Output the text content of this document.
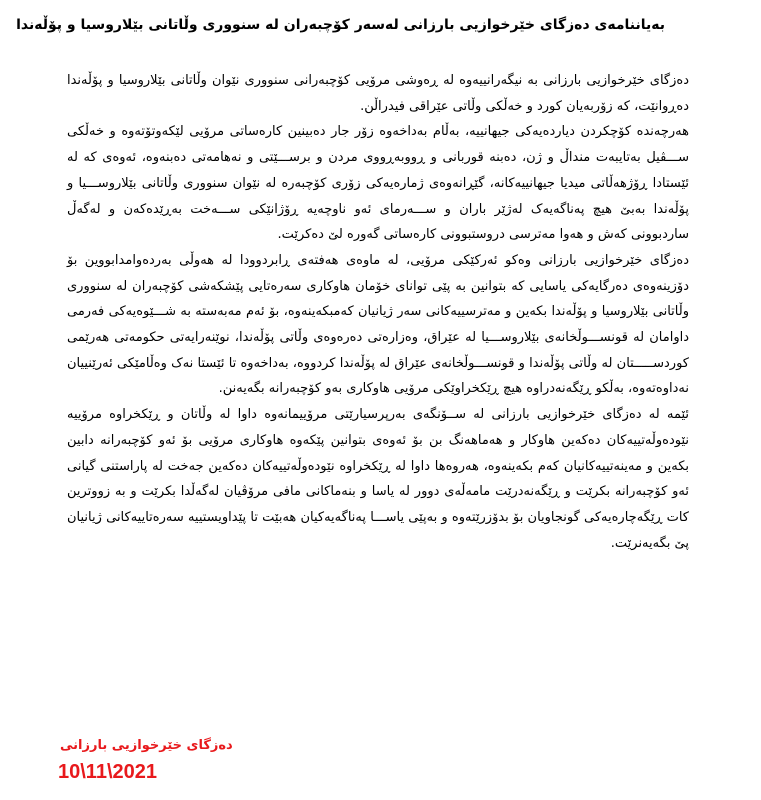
بەیاننامەی دەزگای خێرخوازیی بارزانی لەسەر کۆچبەران لە سنووری وڵاتانی بێلاروسیا و پۆڵەندا

دەزگای خێرخوازیی بارزانی بە نیگەرانییەوە لە ڕەوشی مرۆیی کۆچبەرانی سنووری نێوان وڵاتانی بێلاروسیا و پۆڵەندا دەڕوانێت، کە زۆربەیان کورد و خەڵکی وڵاتی عێراقی فیدراڵن.

هەرچەندە کۆچکردن دیاردەیەکی جیهانییە، بەڵام بەداخەوە زۆر جار دەبینین کارەساتی مرۆیی لێکەوتۆتەوە و خەڵکی ســـڤیل بەتایبەت منداڵ و ژن، دەبنە قوربانی و ڕووبەڕووی مردن و برســـێتی و نەهامەتی دەبنەوە، ئەوەی کە لە ئێستادا ڕۆژهەڵاتی میدیا جیهانییەکانە، گێڕانەوەی ژمارەیەکی زۆری کۆچبەرە لە نێوان سنووری وڵاتانی بێلاروســـیا و پۆڵەندا بەبێ هیچ پەناگەیەک لەژێر باران و ســـەرمای ئەو ناوچەیە ڕۆژانێکی ســـەخت بەڕێدەکەن و لەگەڵ ساردبوونی کەش و هەوا مەترسی دروستبوونی کارەساتی گەورە لێ دەکرێت.

دەزگای خێرخوازیی بارزانی وەکو ئەرکێکی مرۆیی، لە ماوەی هەفتەی ڕابردوودا لە هەوڵی بەردەوامدابووین بۆ دۆزینەوەی دەرگایەکی یاسایی کە بتوانین بە پێی توانای خۆمان هاوکاری سەرەتایی پێشکەشی کۆچبەران لە سنووری وڵاتانی بێلاروسیا و پۆڵەندا بکەین و مەترسییەکانی سەر ژیانیان کەمبکەینەوە، بۆ ئەم مەبەستە بە شـــێوەیەکی فەرمی داوامان لە قونســـوڵخانەی بێلاروســـیا لە عێراق، وەزارەتی دەرەوەی وڵاتی پۆڵەندا، نوێنەرایەتی حکومەتی هەرێمی کوردســـــتان لە وڵاتی پۆڵەندا و قونســـوڵخانەی عێراق لە پۆڵەندا کردووە، بەداخەوە تا ئێستا نەک وەڵامێکی ئەرێنییان نەداوەتەوە، بەڵکو ڕێگەنەدراوە هیچ ڕێکخراوێکی مرۆیی هاوکاری بەو کۆچبەرانە بگەیەنن.

ئێمە لە دەزگای خێرخوازیی بارزانی لە ســۆنگەی بەرپرسیارێتی مرۆییمانەوە داوا لە وڵاتان و ڕێکخراوە مرۆییە نێودەوڵەتییەکان دەکەین هاوکار و هەماهەنگ بن بۆ ئەوەی بتوانین پێکەوە هاوکاری مرۆیی بۆ ئەو کۆچبەرانە دابین بکەین و مەینەتییەکانیان کەم بکەینەوە، هەروەها داوا لە ڕێکخراوە نێودەوڵەتییەکان دەکەین جەخت لە پاراستنی گیانی ئەو کۆچبەرانە بکرێت و ڕێگەنەدرێت مامەڵەی دوور لە یاسا و بنەماکانی مافی مرۆڤیان لەگەڵدا بکرێت و بە زووترین کات ڕێگەچارەیەکی گونجاویان بۆ بدۆزرێتەوە و بەپێی یاســـا پەناگەیەکیان هەبێت تا پێداویستییە سەرەتاییەکانی ژیانیان پێ بگەیەنرێت.

دەزگای خێرخوازیی بارزانی
10\11\2021
